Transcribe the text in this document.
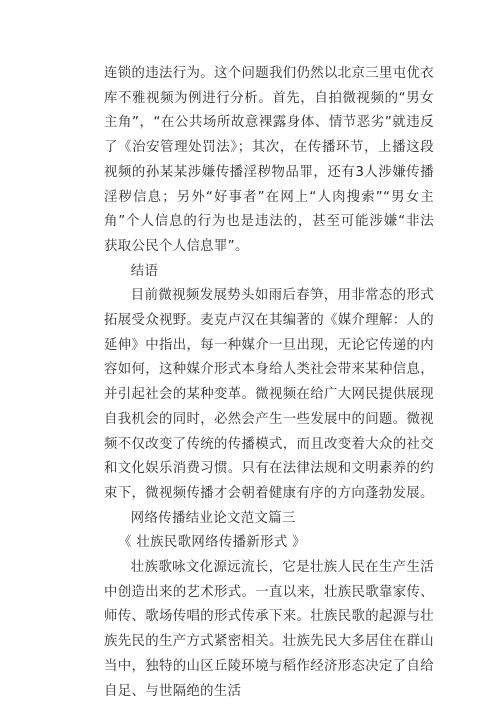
连锁的违法行为。这个问题我们仍然以北京三里屯优衣库不雅视频为例进行分析。首先，自拍微视频的“男女主角”，“在公共场所故意裸露身体、情节恶劣”就违反了《治安管理处罚法》；其次，在传播环节，上播这段视频的孙某某涉嫌传播淫秽物品罪，还有3人涉嫌传播淫秽信息；另外“好事者”在网上“人肉搜索”“男女主角”个人信息的行为也是违法的，甚至可能涉嫌“非法获取公民个人信息罪”。

结语

目前微视频发展势头如雨后春笋，用非常态的形式拓展受众视野。麦克卢汉在其编著的《媒介理解：人的延伸》中指出，每一种媒介一旦出现，无论它传递的内容如何，这种媒介形式本身给人类社会带来某种信息，并引起社会的某种变革。微视频在给广大网民提供展现自我机会的同时，必然会产生一些发展中的问题。微视频不仅改变了传统的传播模式，而且改变着大众的社交和文化娱乐消费习惯。只有在法律法规和文明素养的约束下，微视频传播才会朝着健康有序的方向蓬勃发展。

网络传播结业论文范文篇三

《 壮族民歌网络传播新形式 》

壮族歌咏文化源远流长，它是壮族人民在生产生活中创造出来的艺术形式。一直以来，壮族民歌靠家传、师传、歌场传唱的形式传承下来。壮族民歌的起源与壮族先民的生产方式紧密相关。壮族先民大多居住在群山当中，独特的山区丘陵环境与稻作经济形态决定了自给自足、与世隔绝的生活
